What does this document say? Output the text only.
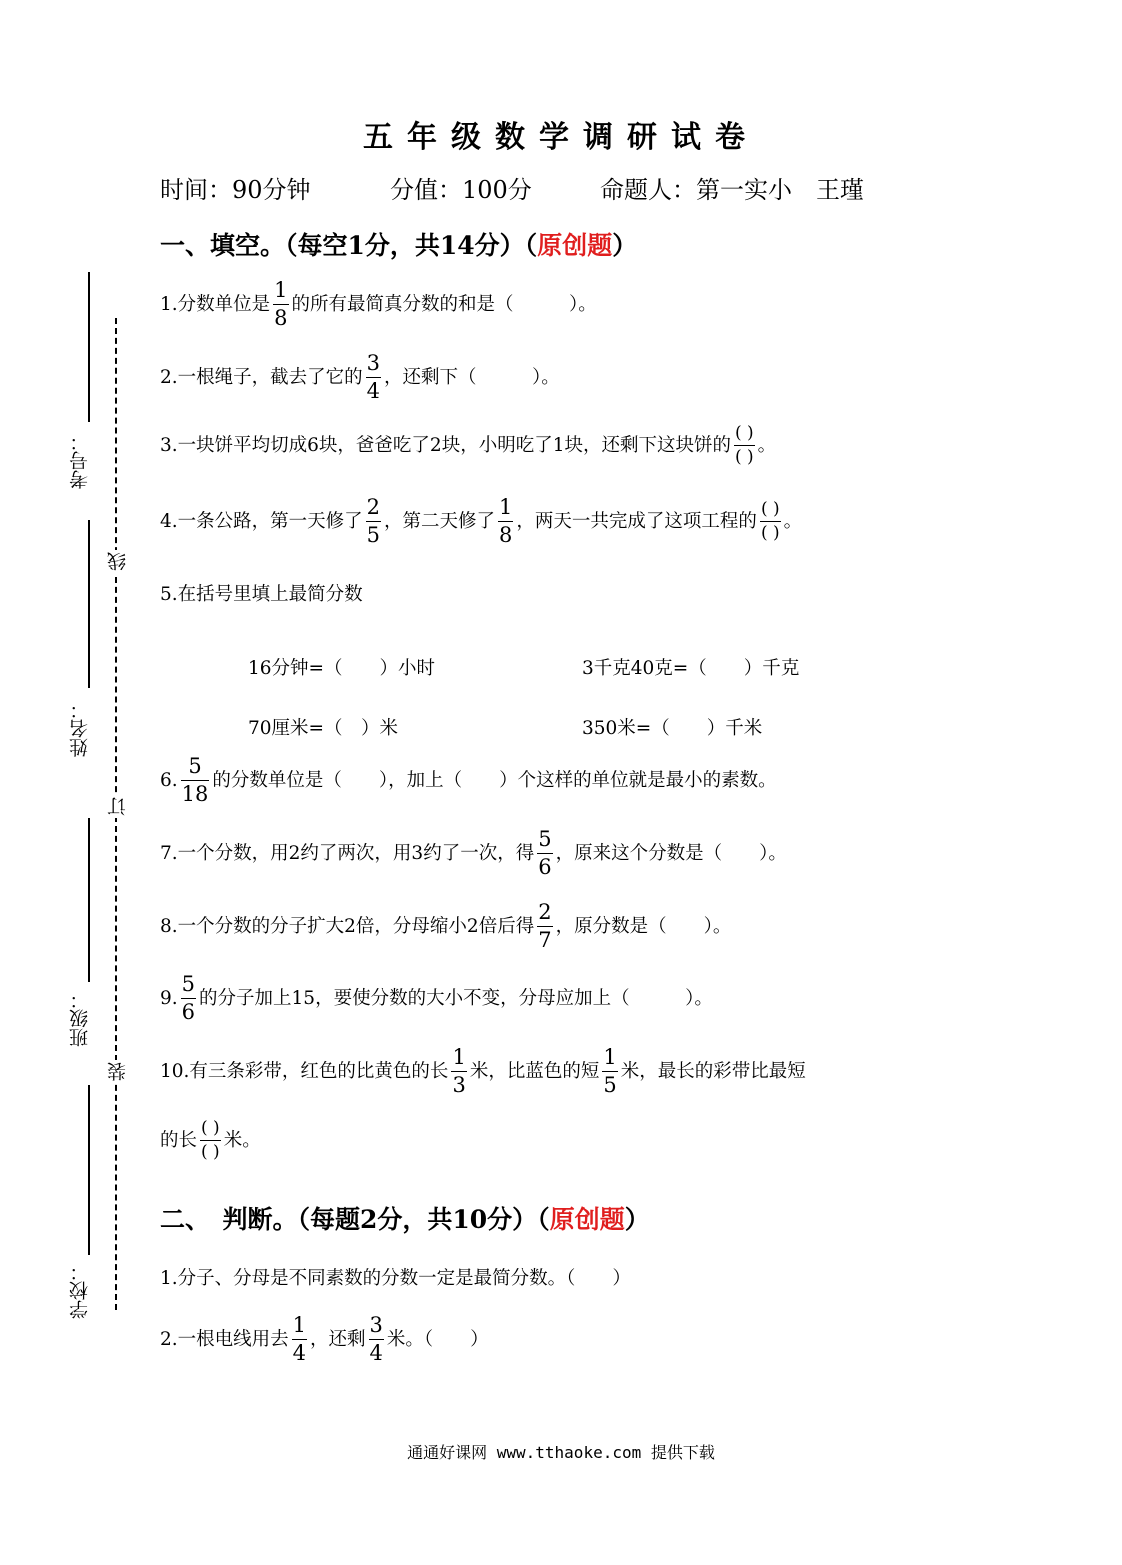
考号：
姓名：
班级：
学校：
线
订
装
五年级数学调研试卷
时间：90分钟	分值：100分	命题人：第一实小　王瑾
一、填空。（每空1分，共14分）（原创题）
1.分数单位是 $\frac{1}{8}$ 的所有最简真分数的和是（　　　）。
2.一根绳子，截去了它的 $\frac{3}{4}$ ，还剩下（　　　）。
3.一块饼平均切成6块，爸爸吃了2块，小明吃了1块，还剩下这块饼的 $\frac{( )}{( )}$ 。
4.一条公路，第一天修了 $\frac{2}{5}$ ，第二天修了 $\frac{1}{8}$ ，两天一共完成了这项工程的 $\frac{( )}{( )}$ 。
5.在括号里填上最简分数
16分钟=（　　）小时	3千克40克=（　　）千克
70厘米=（　）米	350米=（　　）千米
6. $\frac{5}{18}$ 的分数单位是（　　），加上（　　）个这样的单位就是最小的素数。
7.一个分数，用2约了两次，用3约了一次，得 $\frac{5}{6}$ ，原来这个分数是（　　）。
8.一个分数的分子扩大2倍，分母缩小2倍后得 $\frac{2}{7}$ ，原分数是（　　）。
9. $\frac{5}{6}$ 的分子加上15，要使分数的大小不变，分母应加上（　　　）。
10.有三条彩带，红色的比黄色的长 $\frac{1}{3}$ 米，比蓝色的短 $\frac{1}{5}$ 米，最长的彩带比最短
的长 $\frac{( )}{( )}$ 米。
二、　判断。（每题2分，共10分）（原创题）
1.分子、分母是不同素数的分数一定是最简分数。（　　）
2.一根电线用去 $\frac{1}{4}$ ，还剩 $\frac{3}{4}$ 米。（　　）
通通好课网 www.tthaoke.com 提供下载
